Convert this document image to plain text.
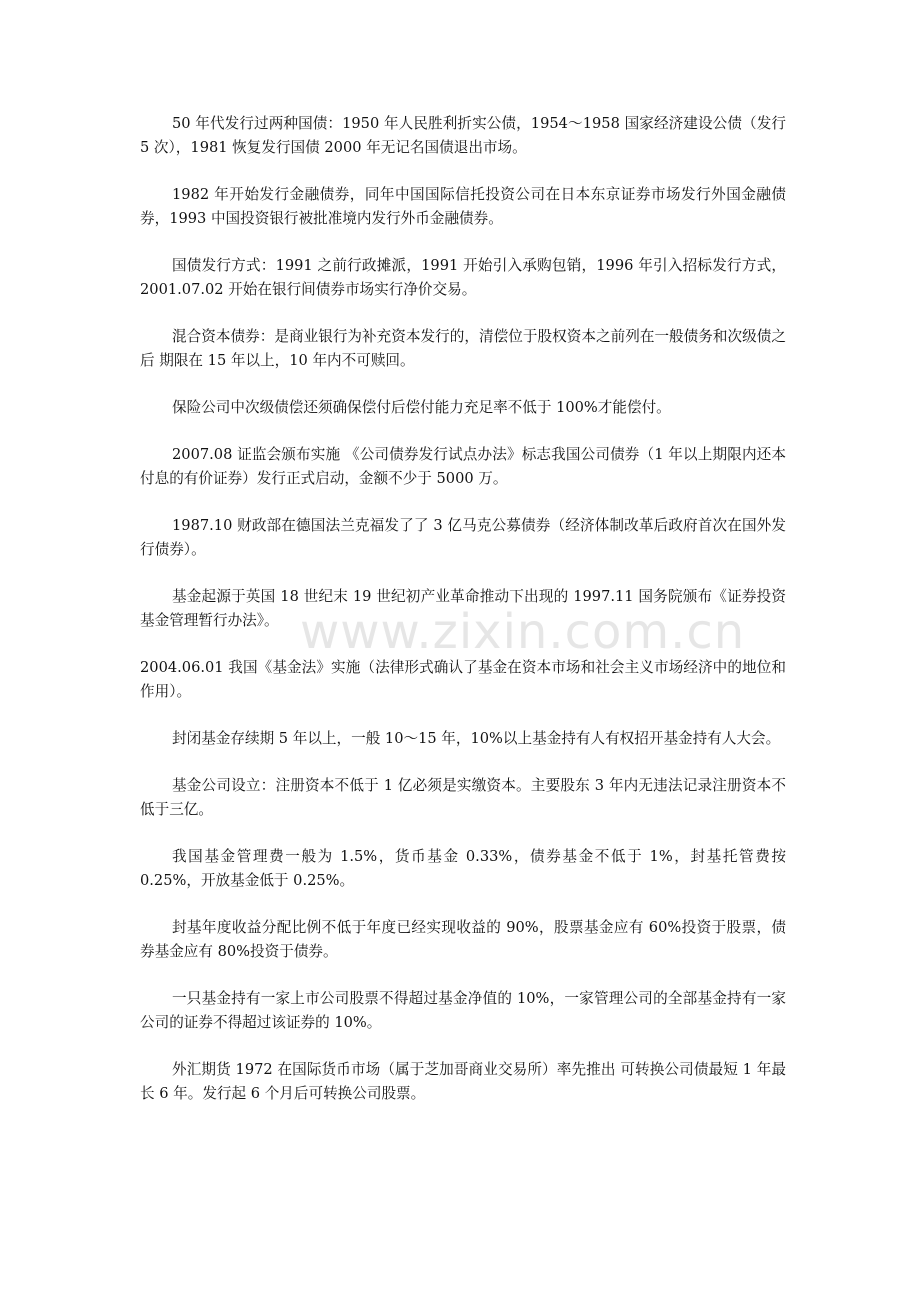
www.zixin.com.cn

50 年代发行过两种国债：1950 年人民胜利折实公债，1954～1958 国家经济建设公债（发行 5 次），1981 恢复发行国债 2000 年无记名国债退出市场。

1982 年开始发行金融债券，同年中国国际信托投资公司在日本东京证券市场发行外国金融债券，1993 中国投资银行被批准境内发行外币金融债券。

国债发行方式：1991 之前行政摊派，1991 开始引入承购包销，1996 年引入招标发行方式，2001.07.02 开始在银行间债券市场实行净价交易。

混合资本债券：是商业银行为补充资本发行的，清偿位于股权资本之前列在一般债务和次级债之后 期限在 15 年以上，10 年内不可赎回。

保险公司中次级债偿还须确保偿付后偿付能力充足率不低于 100%才能偿付。

2007.08 证监会颁布实施 《公司债券发行试点办法》标志我国公司债券（1 年以上期限内还本付息的有价证券）发行正式启动，金额不少于 5000 万。

1987.10 财政部在德国法兰克福发了了 3 亿马克公募债券（经济体制改革后政府首次在国外发行债券）。

基金起源于英国 18 世纪末 19 世纪初产业革命推动下出现的 1997.11 国务院颁布《证券投资基金管理暂行办法》。

2004.06.01 我国《基金法》实施（法律形式确认了基金在资本市场和社会主义市场经济中的地位和作用）。

封闭基金存续期 5 年以上，一般 10～15 年，10%以上基金持有人有权招开基金持有人大会。

基金公司设立：注册资本不低于 1 亿必须是实缴资本。主要股东 3 年内无违法记录注册资本不低于三亿。

我国基金管理费一般为 1.5%，货币基金 0.33%，债券基金不低于 1%，封基托管费按 0.25%，开放基金低于 0.25%。

封基年度收益分配比例不低于年度已经实现收益的 90%，股票基金应有 60%投资于股票，债券基金应有 80%投资于债券。

一只基金持有一家上市公司股票不得超过基金净值的 10%，一家管理公司的全部基金持有一家公司的证券不得超过该证券的 10%。

外汇期货 1972 在国际货币市场（属于芝加哥商业交易所）率先推出 可转换公司债最短 1 年最长 6 年。发行起 6 个月后可转换公司股票。
